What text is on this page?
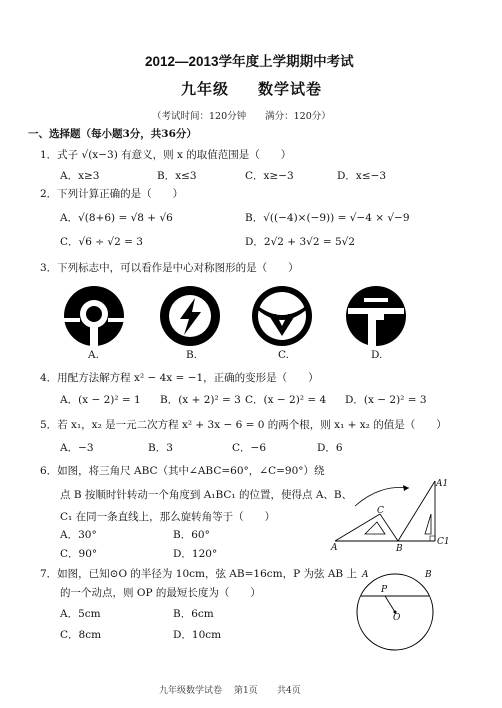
2012—2013学年度上学期期中考试
九年级 数学试卷
（考试时间：120分钟　　满分：120分）
一、选择题（每小题3分，共36分）
1．式子 √(x−3) 有意义，则 x 的取值范围是（　　）
A．x≥3	B．x≤3	C．x≥−3	D．x≤−3
2．下列计算正确的是（　　）
A．√(8+6) = √8 + √6	B．√((−4)×(−9)) = √−4 × √−9
C．√6 ÷ √2 = 3	D．2√2 + 3√2 = 5√2
3．下列标志中，可以看作是中心对称图形的是（　　）
A.	B.	C.	D.
4．用配方法解方程 x² − 4x = −1，正确的变形是（　　）
A．(x − 2)² = 1 B．(x + 2)² = 3 C．(x − 2)² = 4 D．(x − 2)² = 3
5．若 x₁，x₂ 是一元二次方程 x² + 3x − 6 = 0 的两个根，则 x₁ + x₂ 的值是（　　）
A．−3	B．3	C．−6	D．6
6．如图，将三角尺 ABC（其中∠ABC=60°，∠C=90°）绕
点 B 按顺时针转动一个角度到 A₁BC₁ 的位置，使得点 A、B、
C₁ 在同一条直线上，那么旋转角等于（　　）
A．30°	B．60°
C．90°	D．120°
A1
C
A	B
C1
7．如图，已知⊙O 的半径为 10cm，弦 AB=16cm，P 为弦 AB 上
的一个动点，则 OP 的最短长度为（　　）
A．5cm	B．6cm
C．8cm	D．10cm
A	B
P
O
九年级数学试卷 第1页 共4页
